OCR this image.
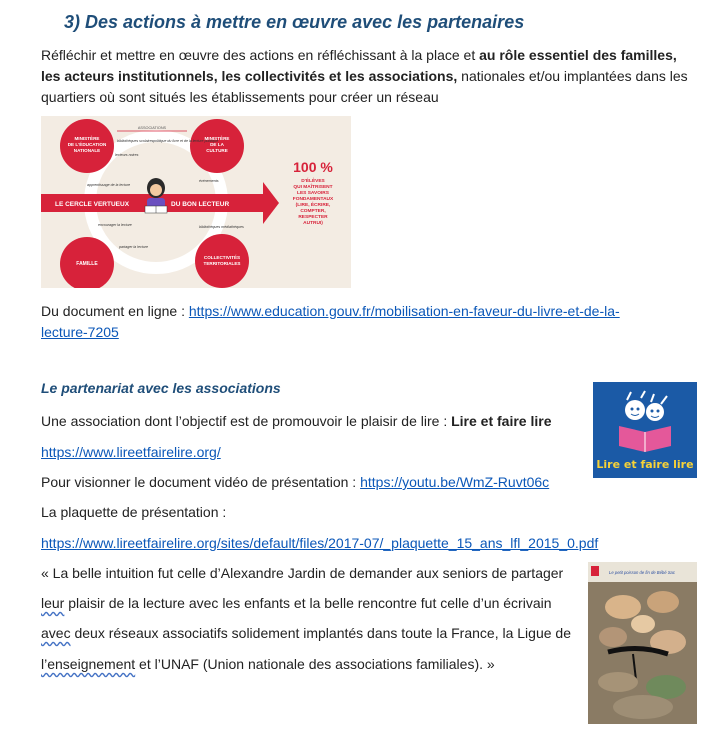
3) Des actions à mettre en œuvre avec les partenaires
Réfléchir et mettre en œuvre des actions en réfléchissant à la place et au rôle essentiel des familles,
les acteurs institutionnels, les collectivités et les associations, nationales et/ou implantées dans les
quartiers où sont situés les établissements pour créer un réseau
LE CERCLE VERTUEUX	DU BON LECTEUR
MINISTÈRE DE L'ÉDUCATION NATIONALE
MINISTÈRE DE LA CULTURE
FAMILLE
COLLECTIVITÉS TERRITORIALES
ASSOCIATIONS
bibliothèques scolaires
lecteurs noires
politique du livre et de la lecture publique
apprentissage de la lecture
événements
encourager la lecture
partager la lecture
bibliothèques médiathèques
100 %
D'ÉLÈVES QUI MAÎTRISENT LES SAVOIRS FONDAMENTAUX (LIRE, ÉCRIRE, COMPTER, RESPECTER AUTRUI)
Du document en ligne : https://www.education.gouv.fr/mobilisation-en-faveur-du-livre-et-de-la-
lecture-7205
Le partenariat avec les associations
Une association dont l’objectif est de promouvoir le plaisir de lire : Lire et faire lire
https://www.lireetfairelire.org/
Pour visionner le document vidéo de présentation : https://youtu.be/WmZ-Ruvt06c
La plaquette de présentation :
https://www.lireetfairelire.org/sites/default/files/2017-07/_plaquette_15_ans_lfl_2015_0.pdf
« La belle intuition fut celle d’Alexandre Jardin de demander aux seniors de partager
leur plaisir de la lecture avec les enfants et la belle rencontre fut celle d’un écrivain
avec deux réseaux associatifs solidement implantés dans toute la France, la Ligue de
l’enseignement et l’UNAF (Union nationale des associations familiales). »
Lire et faire lire
Le petit poisson de fin de Bébé Sac
